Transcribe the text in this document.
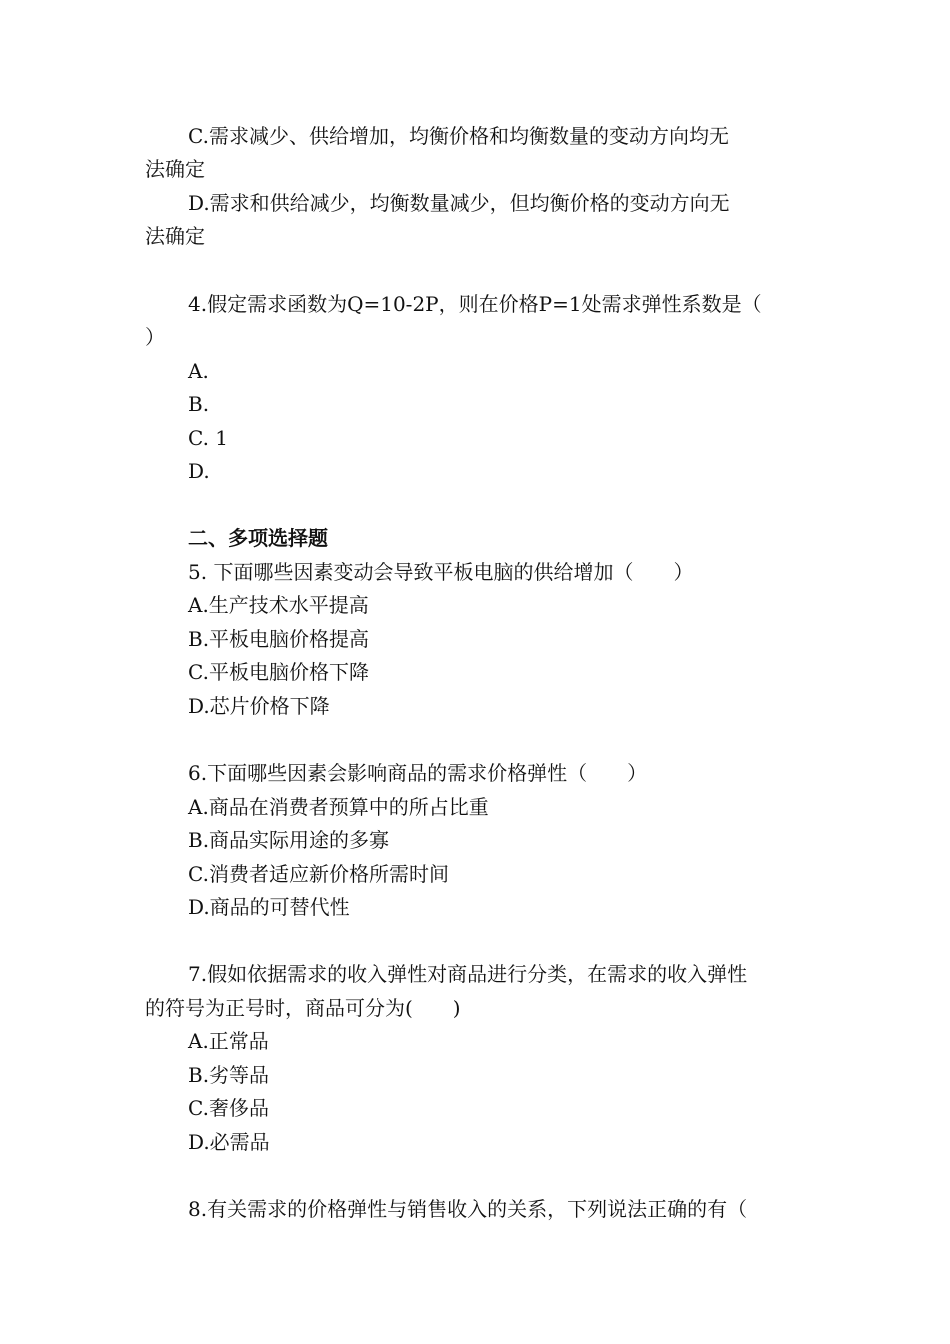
C.需求减少、供给增加，均衡价格和均衡数量的变动方向均无
法确定
D.需求和供给减少，均衡数量减少，但均衡价格的变动方向无
法确定
4.假定需求函数为Q=10-2P，则在价格P=1处需求弹性系数是（
）
A.
B.
C. 1
D.
二、多项选择题
5. 下面哪些因素变动会导致平板电脑的供给增加（　　）
A.生产技术水平提高
B.平板电脑价格提高
C.平板电脑价格下降
D.芯片价格下降
6.下面哪些因素会影响商品的需求价格弹性（　　）
A.商品在消费者预算中的所占比重
B.商品实际用途的多寡
C.消费者适应新价格所需时间
D.商品的可替代性
7.假如依据需求的收入弹性对商品进行分类，在需求的收入弹性
的符号为正号时，商品可分为(　　)
A.正常品
B.劣等品
C.奢侈品
D.必需品
8.有关需求的价格弹性与销售收入的关系，下列说法正确的有（
